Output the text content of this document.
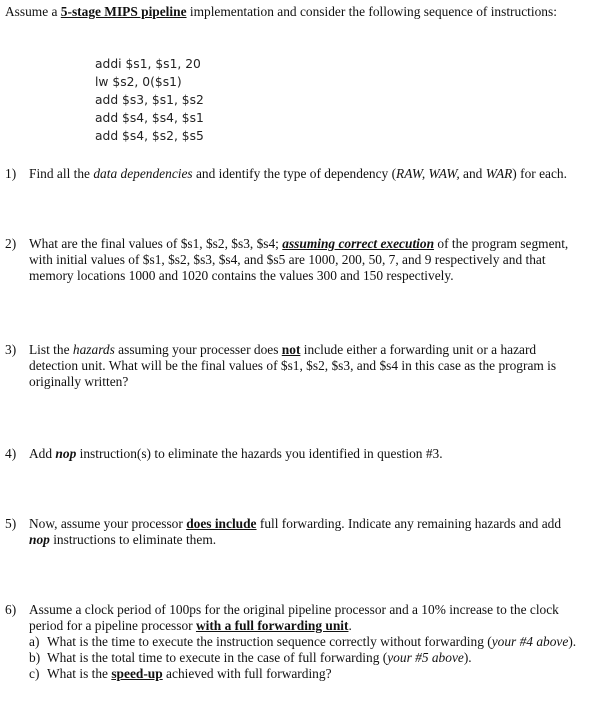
Assume a 5-stage MIPS pipeline implementation and consider the following sequence of instructions:
addi $s1, $s1, 20
lw $s2, 0($s1)
add $s3, $s1, $s2
add $s4, $s4, $s1
add $s4, $s2, $s5
1) Find all the data dependencies and identify the type of dependency (RAW, WAW, and WAR) for each.
2) What are the final values of $s1, $s2, $s3, $s4; assuming correct execution of the program segment, with initial values of $s1, $s2, $s3, $s4, and $s5 are 1000, 200, 50, 7, and 9 respectively and that memory locations 1000 and 1020 contains the values 300 and 150 respectively.
3) List the hazards assuming your processer does not include either a forwarding unit or a hazard detection unit. What will be the final values of $s1, $s2, $s3, and $s4 in this case as the program is originally written?
4) Add nop instruction(s) to eliminate the hazards you identified in question #3.
5) Now, assume your processor does include full forwarding. Indicate any remaining hazards and add nop instructions to eliminate them.
6) Assume a clock period of 100ps for the original pipeline processor and a 10% increase to the clock period for a pipeline processor with a full forwarding unit.
a) What is the time to execute the instruction sequence correctly without forwarding (your #4 above).
b) What is the total time to execute in the case of full forwarding (your #5 above).
c) What is the speed-up achieved with full forwarding?
